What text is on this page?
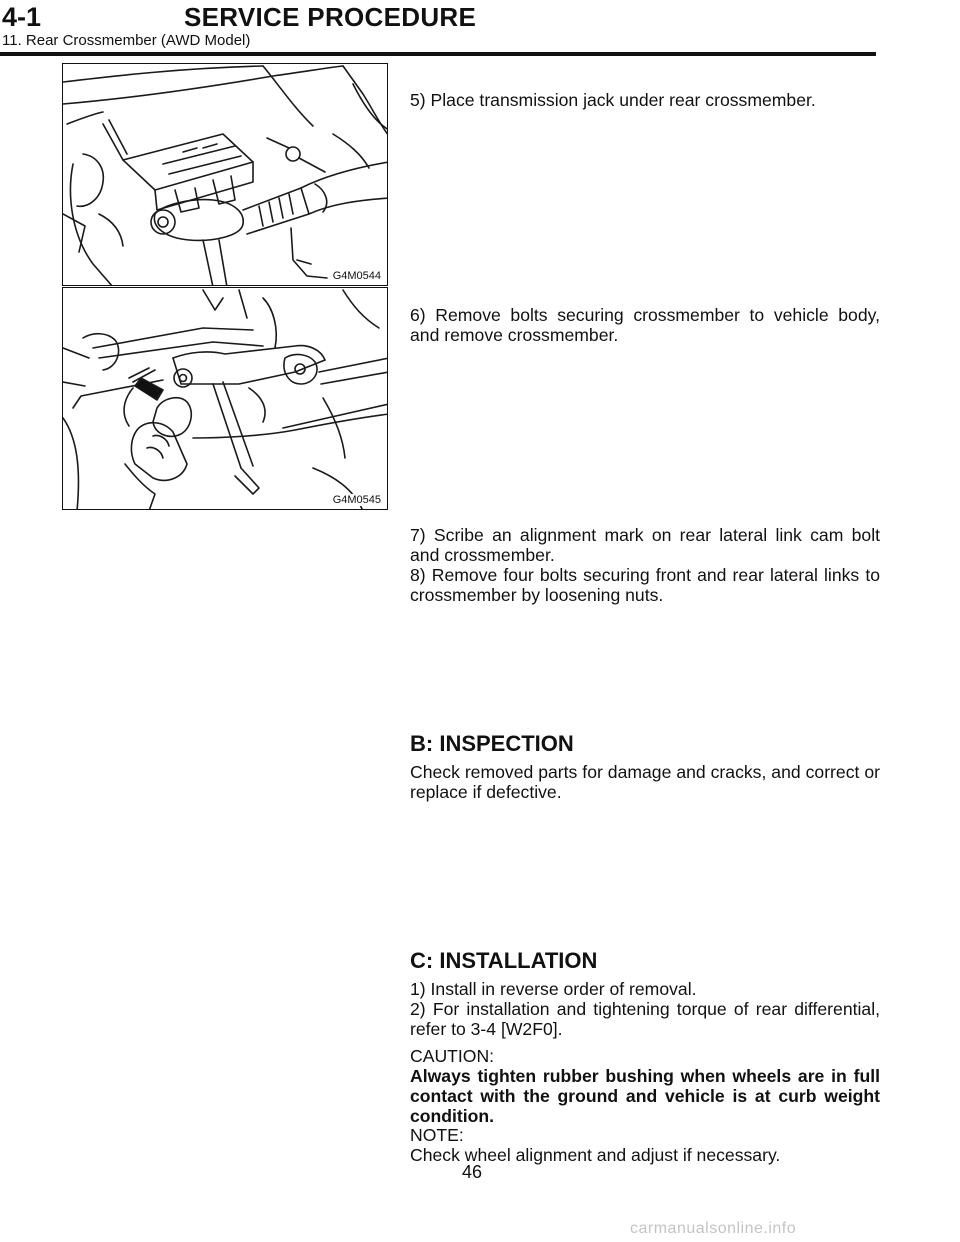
4-1	SERVICE PROCEDURE
11. Rear Crossmember (AWD Model)
G4M0544
G4M0545

5) Place transmission jack under rear crossmember.

6) Remove bolts securing crossmember to vehicle body, and remove crossmember.

7) Scribe an alignment mark on rear lateral link cam bolt and crossmember.

8) Remove four bolts securing front and rear lateral links to crossmember by loosening nuts.

B: INSPECTION

Check removed parts for damage and cracks, and correct or replace if defective.

C: INSTALLATION

1) Install in reverse order of removal.

2) For installation and tightening torque of rear differential, refer to 3-4 [W2F0].

CAUTION:

Always tighten rubber bushing when wheels are in full contact with the ground and vehicle is at curb weight condition.

NOTE:

Check wheel alignment and adjust if necessary.

46
carmanualsonline.info
